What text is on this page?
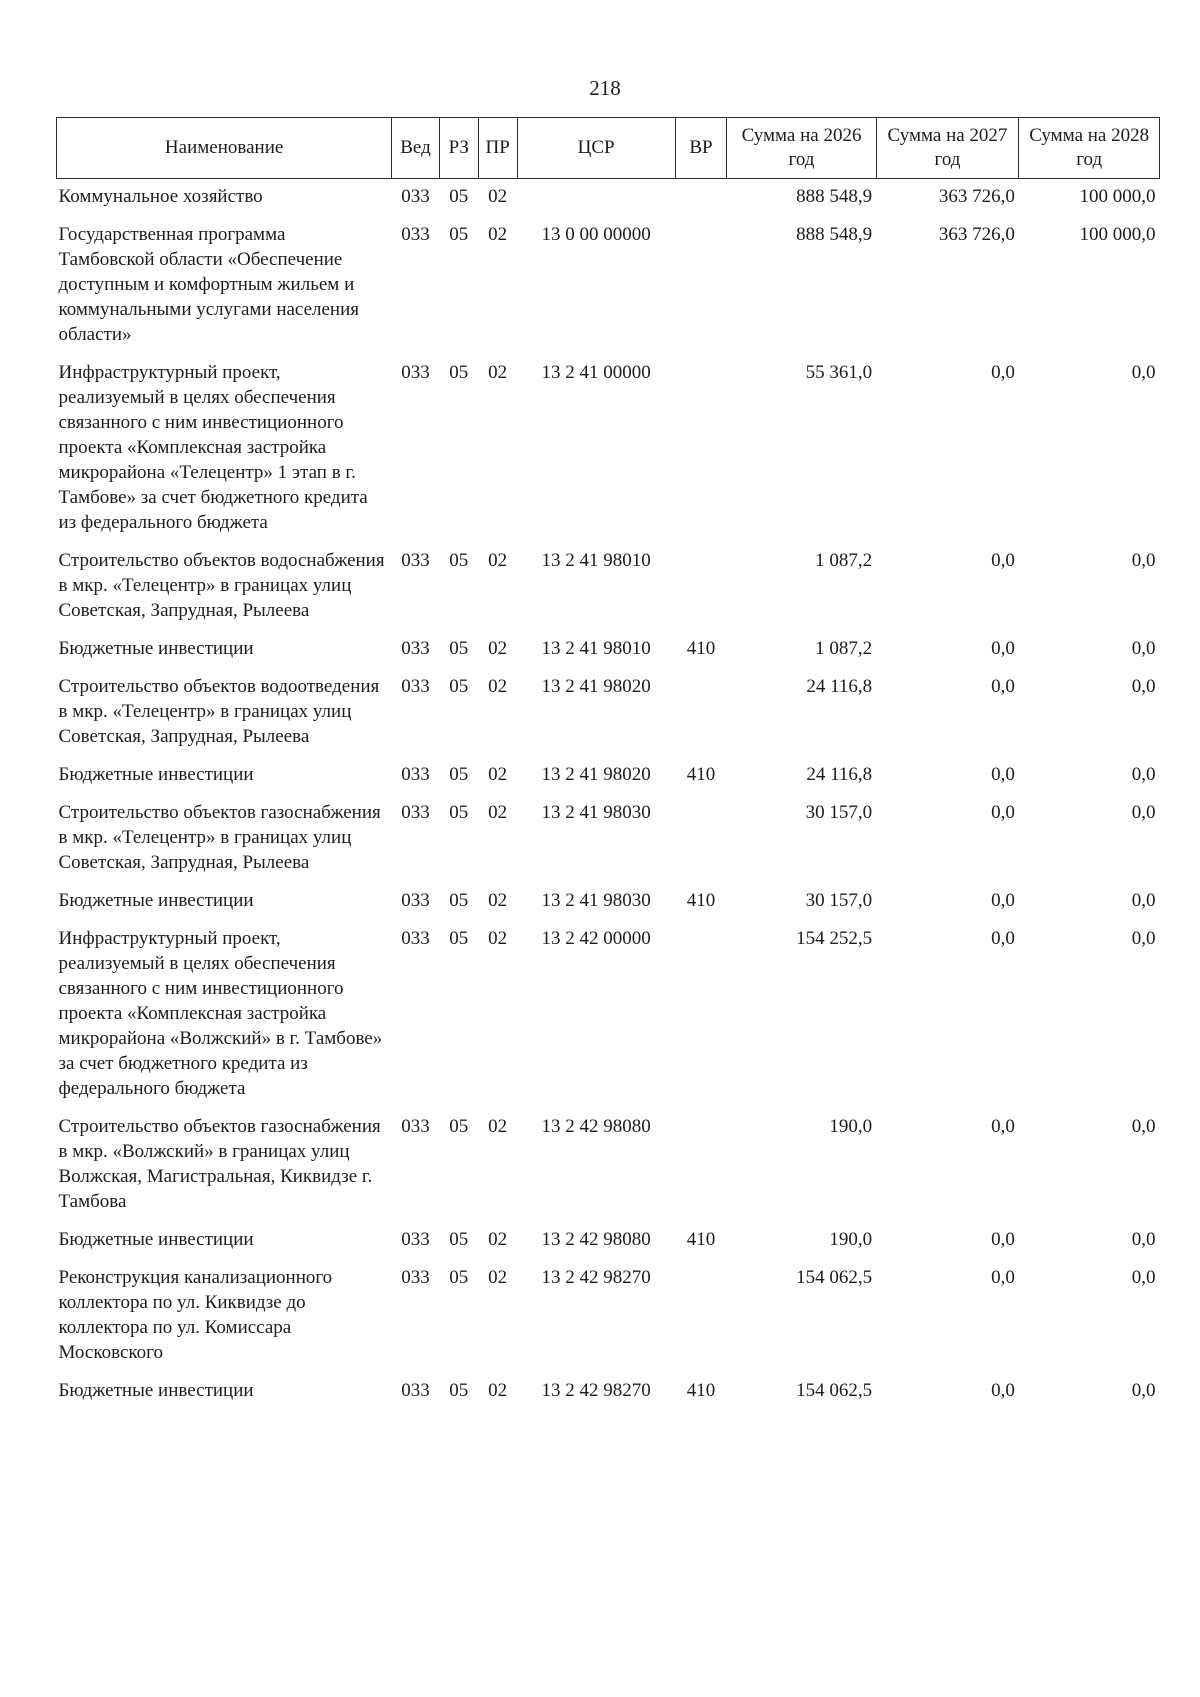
218
Наименование	Вед	РЗ	ПР	ЦСР	ВР	Сумма на 2026 год	Сумма на 2027 год	Сумма на 2028 год
Коммунальное хозяйство	033	05	02			888 548,9	363 726,0	100 000,0
Государственная программа Тамбовской области «Обеспечение доступным и комфортным жильем и коммунальными услугами населения области»	033	05	02	13 0 00 00000		888 548,9	363 726,0	100 000,0
Инфраструктурный проект, реализуемый в целях обеспечения связанного с ним инвестиционного проекта «Комплексная застройка микрорайона «Телецентр» 1 этап в г. Тамбове» за счет бюджетного кредита из федерального бюджета	033	05	02	13 2 41 00000		55 361,0	0,0	0,0
Строительство объектов водоснабжения в мкр. «Телецентр» в границах улиц Советская, Запрудная, Рылеева	033	05	02	13 2 41 98010		1 087,2	0,0	0,0
Бюджетные инвестиции	033	05	02	13 2 41 98010	410	1 087,2	0,0	0,0
Строительство объектов водоотведения в мкр. «Телецентр» в границах улиц Советская, Запрудная, Рылеева	033	05	02	13 2 41 98020		24 116,8	0,0	0,0
Бюджетные инвестиции	033	05	02	13 2 41 98020	410	24 116,8	0,0	0,0
Строительство объектов газоснабжения в мкр. «Телецентр» в границах улиц Советская, Запрудная, Рылеева	033	05	02	13 2 41 98030		30 157,0	0,0	0,0
Бюджетные инвестиции	033	05	02	13 2 41 98030	410	30 157,0	0,0	0,0
Инфраструктурный проект, реализуемый в целях обеспечения связанного с ним инвестиционного проекта «Комплексная застройка микрорайона «Волжский» в г. Тамбове» за счет бюджетного кредита из федерального бюджета	033	05	02	13 2 42 00000		154 252,5	0,0	0,0
Строительство объектов газоснабжения в мкр. «Волжский» в границах улиц Волжская, Магистральная, Киквидзе г. Тамбова	033	05	02	13 2 42 98080		190,0	0,0	0,0
Бюджетные инвестиции	033	05	02	13 2 42 98080	410	190,0	0,0	0,0
Реконструкция канализационного коллектора по ул. Киквидзе до коллектора по ул. Комиссара Московского	033	05	02	13 2 42 98270		154 062,5	0,0	0,0
Бюджетные инвестиции	033	05	02	13 2 42 98270	410	154 062,5	0,0	0,0
